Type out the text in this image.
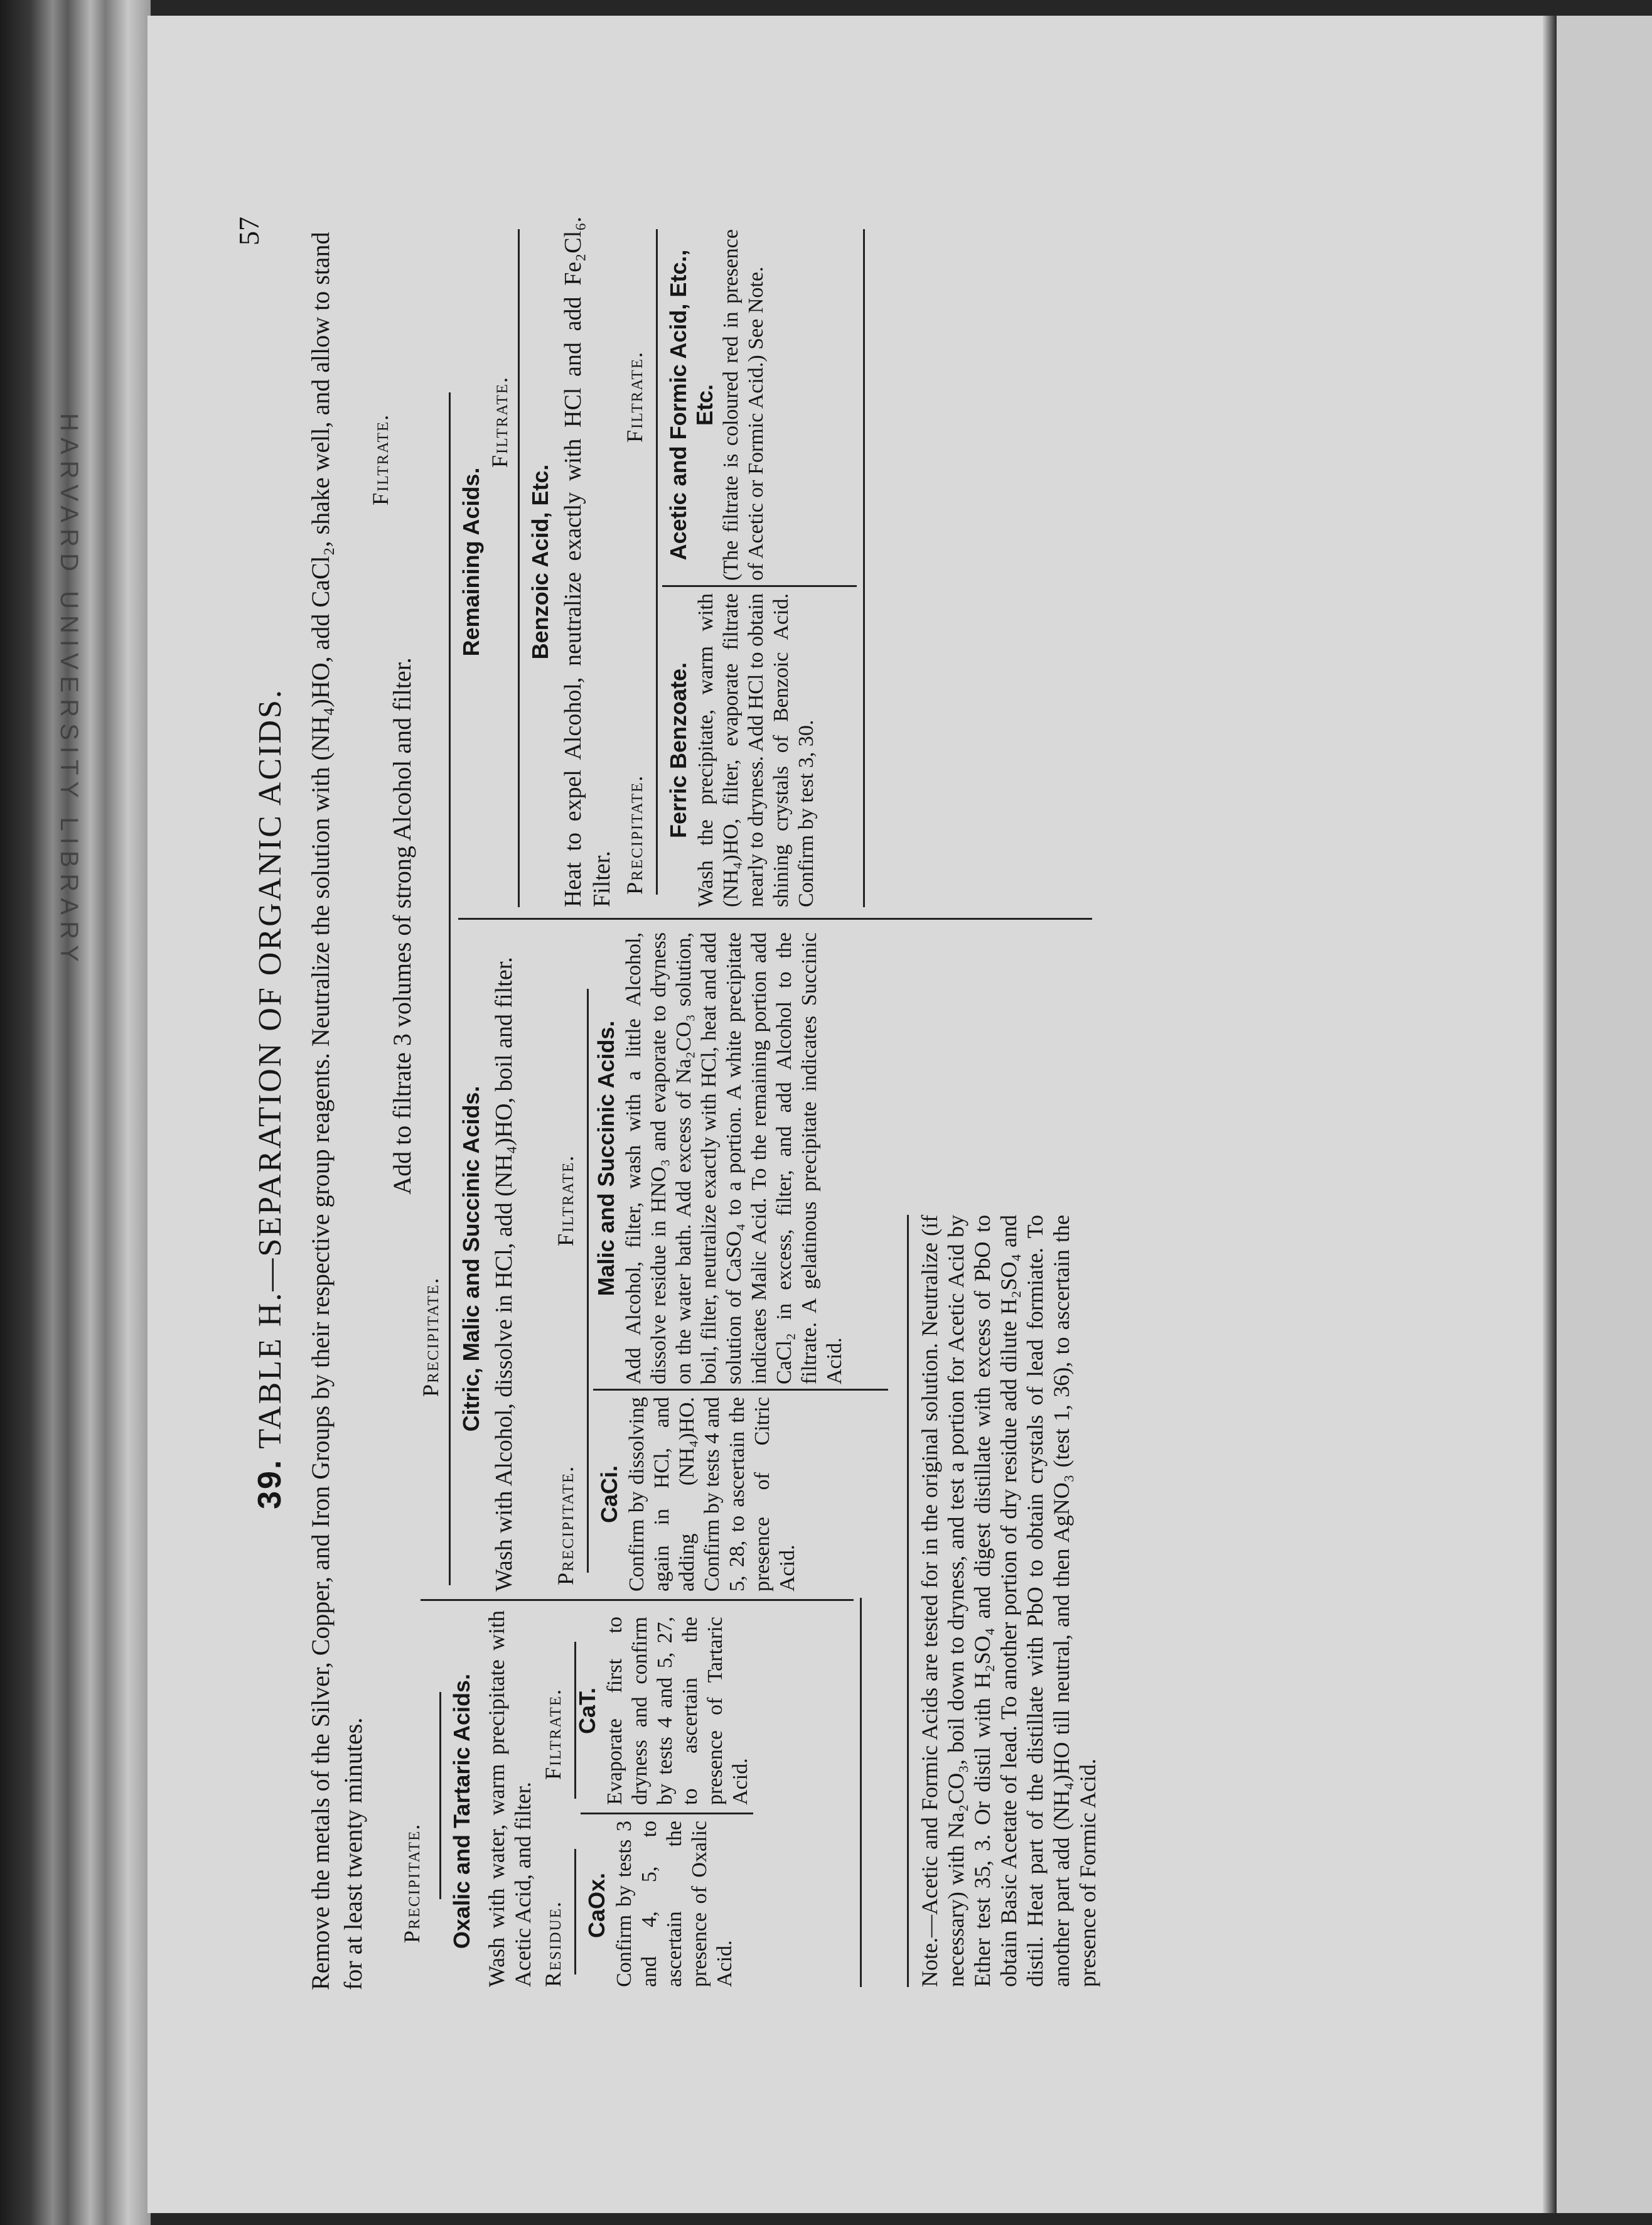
HARVARD UNIVERSITY LIBRARY
57
39. TABLE H.—SEPARATION OF ORGANIC ACIDS. Remove the metals of the Silver, Copper, and Iron Groups by their respective group reagents. Neutralize the solution with (NH₄)HO, add CaCl₂, shake well, and allow to stand for at least twenty minutes. Precipitate. Oxalic and Tartaric Acids. Wash with water, warm precipitate with Acetic Acid, and filter. Residue.
Filtrate.
CaOx. Confirm by tests 3 and 4, 5, to ascertain the presence of Oxalic Acid.
CaT. Evaporate first to dryness and confirm by tests 4 and 5, 27, to ascertain the presence of Tartaric Acid.
Precipitate.
Add to filtrate 3 volumes of strong Alcohol and filter.
Citric, Malic and Succinic Acids. Wash with Alcohol, dissolve in HCl, add (NH₄)HO, boil and filter. Precipitate.
Filtrate.
CaCi. Confirm by dissolving again in HCl, and adding (NH₄)HO. Confirm by tests 4 and 5, 28, to ascertain the presence of Citric Acid.
Malic and Succinic Acids. Add Alcohol, filter, wash with a little Alcohol, dissolve residue in HNO₃ and evaporate to dryness on the water bath. Add excess of Na₂CO₃ solution, boil, filter, neutralize exactly with HCl, heat and add solution of CaSO₄ to a portion. A white precipitate indicates Malic Acid. To the remaining portion add CaCl₂ in excess, filter, and add Alcohol to the filtrate. A gelatinous precipitate indicates Succinic Acid.
Filtrate.
Remaining Acids.
Filtrate.
Benzoic Acid, Etc. Heat to expel Alcohol, neutralize exactly with HCl and add Fe₂Cl₆. Filter. Precipitate.
Filtrate.
Ferric Benzoate. Wash the precipitate, warm with (NH₄)HO, filter, evaporate filtrate nearly to dryness. Add HCl to obtain shining crystals of Benzoic Acid. Confirm by test 3, 30.
Acetic and Formic Acid, Etc., Etc. (The filtrate is coloured red in presence of Acetic or Formic Acid.) See Note.
Note.—Acetic and Formic Acids are tested for in the original solution. Neutralize (if necessary) with Na₂CO₃, boil down to dryness, and test a portion for Acetic Acid by Ether test 35, 3. Or distil with H₂SO₄ and digest distillate with excess of PbO to obtain Basic Acetate of lead. To another portion of dry residue add dilute H₂SO₄ and distil. Heat part of the distillate with PbO to obtain crystals of lead formiate. To another part add (NH₄)HO till neutral, and then AgNO₃ (test 1, 36), to ascertain the presence of Formic Acid.
